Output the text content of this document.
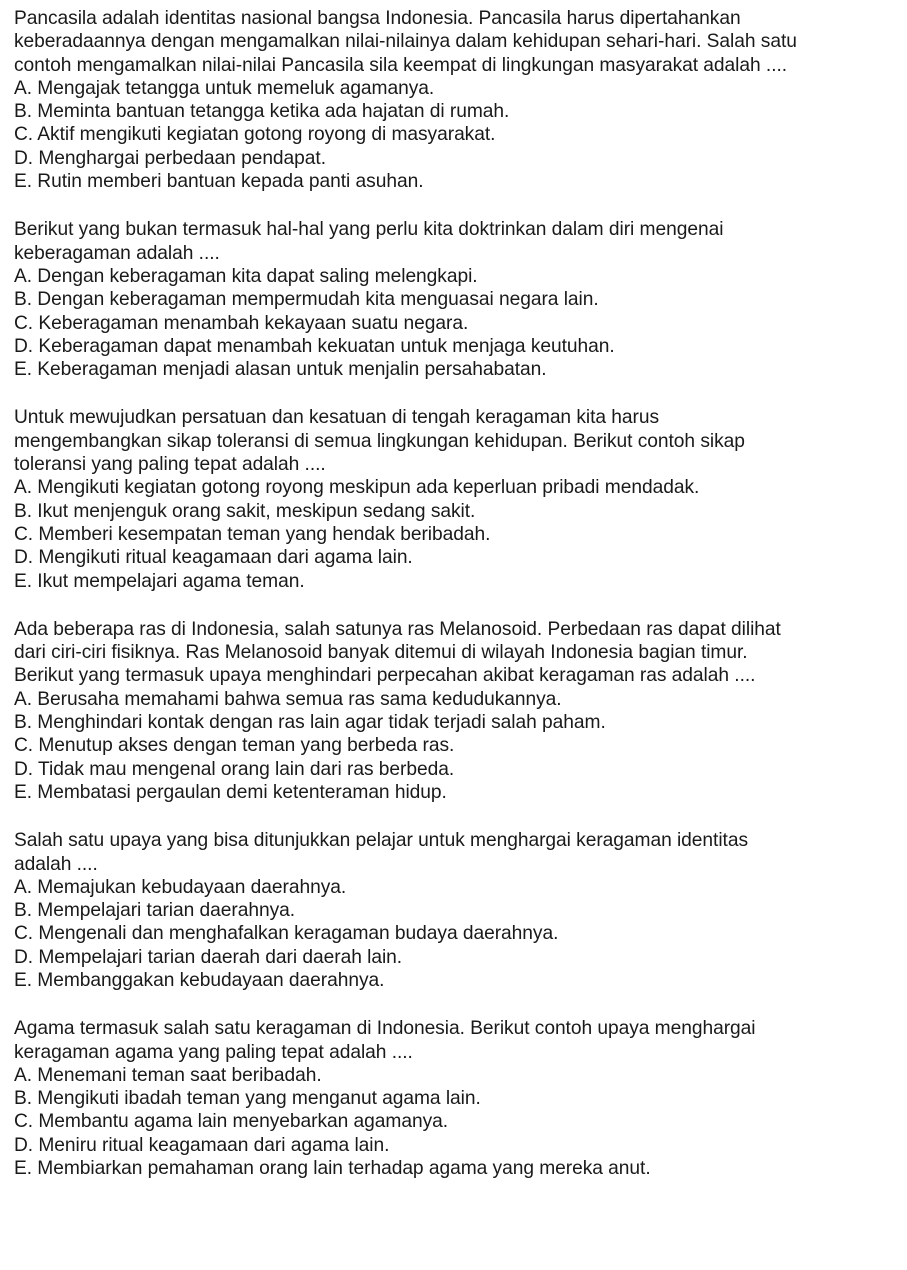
Pancasila adalah identitas nasional bangsa Indonesia. Pancasila harus dipertahankan
keberadaannya dengan mengamalkan nilai-nilainya dalam kehidupan sehari-hari. Salah satu
contoh mengamalkan nilai-nilai Pancasila sila keempat di lingkungan masyarakat adalah ....
A. Mengajak tetangga untuk memeluk agamanya.
B. Meminta bantuan tetangga ketika ada hajatan di rumah.
C. Aktif mengikuti kegiatan gotong royong di masyarakat.
D. Menghargai perbedaan pendapat.
E. Rutin memberi bantuan kepada panti asuhan.
Berikut yang bukan termasuk hal-hal yang perlu kita doktrinkan dalam diri mengenai
keberagaman adalah ....
A. Dengan keberagaman kita dapat saling melengkapi.
B. Dengan keberagaman mempermudah kita menguasai negara lain.
C. Keberagaman menambah kekayaan suatu negara.
D. Keberagaman dapat menambah kekuatan untuk menjaga keutuhan.
E. Keberagaman menjadi alasan untuk menjalin persahabatan.
Untuk mewujudkan persatuan dan kesatuan di tengah keragaman kita harus
mengembangkan sikap toleransi di semua lingkungan kehidupan. Berikut contoh sikap
toleransi yang paling tepat adalah ....
A. Mengikuti kegiatan gotong royong meskipun ada keperluan pribadi mendadak.
B. Ikut menjenguk orang sakit, meskipun sedang sakit.
C. Memberi kesempatan teman yang hendak beribadah.
D. Mengikuti ritual keagamaan dari agama lain.
E. Ikut mempelajari agama teman.
Ada beberapa ras di Indonesia, salah satunya ras Melanosoid. Perbedaan ras dapat dilihat
dari ciri-ciri fisiknya. Ras Melanosoid banyak ditemui di wilayah Indonesia bagian timur.
Berikut yang termasuk upaya menghindari perpecahan akibat keragaman ras adalah ....
A. Berusaha memahami bahwa semua ras sama kedudukannya.
B. Menghindari kontak dengan ras lain agar tidak terjadi salah paham.
C. Menutup akses dengan teman yang berbeda ras.
D. Tidak mau mengenal orang lain dari ras berbeda.
E. Membatasi pergaulan demi ketenteraman hidup.
Salah satu upaya yang bisa ditunjukkan pelajar untuk menghargai keragaman identitas
adalah ....
A. Memajukan kebudayaan daerahnya.
B. Mempelajari tarian daerahnya.
C. Mengenali dan menghafalkan keragaman budaya daerahnya.
D. Mempelajari tarian daerah dari daerah lain.
E. Membanggakan kebudayaan daerahnya.
Agama termasuk salah satu keragaman di Indonesia. Berikut contoh upaya menghargai
keragaman agama yang paling tepat adalah ....
A. Menemani teman saat beribadah.
B. Mengikuti ibadah teman yang menganut agama lain.
C. Membantu agama lain menyebarkan agamanya.
D. Meniru ritual keagamaan dari agama lain.
E. Membiarkan pemahaman orang lain terhadap agama yang mereka anut.
